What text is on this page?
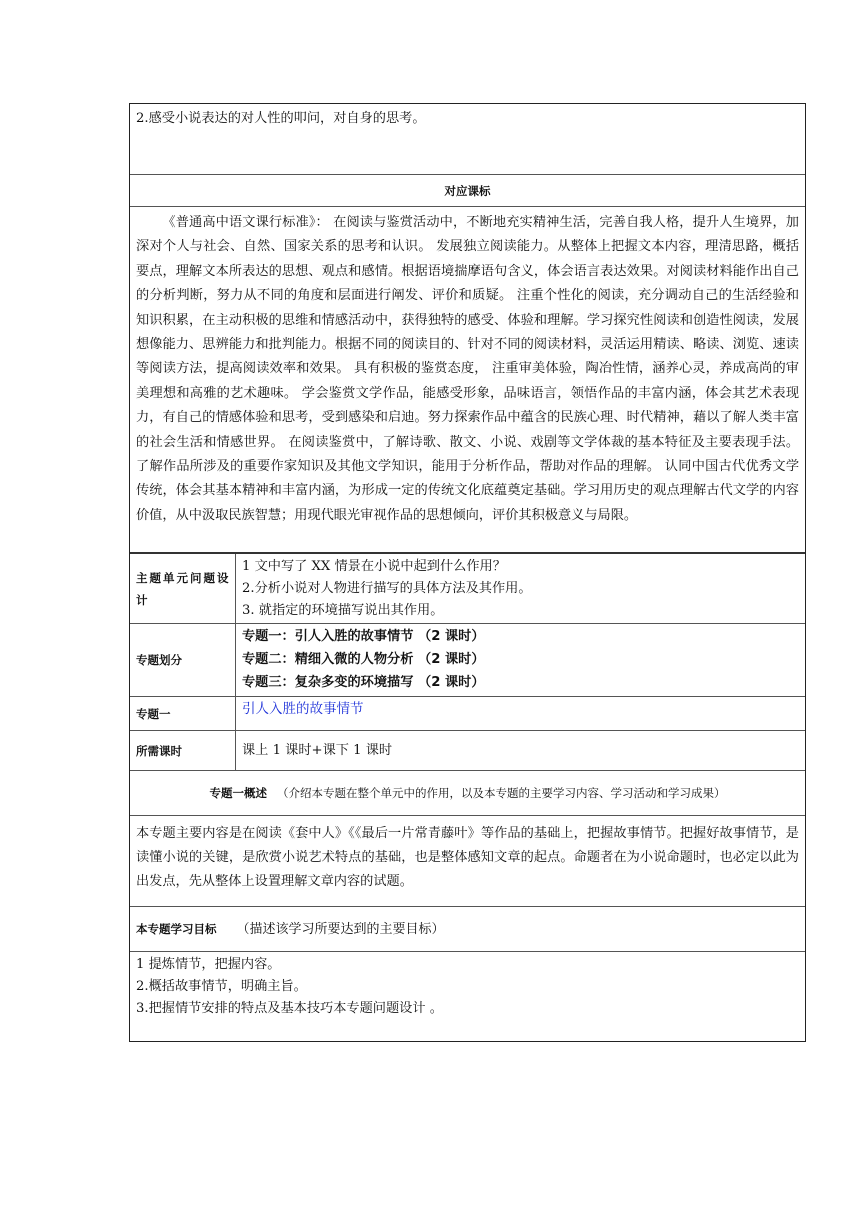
2.感受小说表达的对人性的叩问，对自身的思考。
对应课标

《普通高中语文课行标准》： 在阅读与鉴赏活动中，不断地充实精神生活，完善自我人格，提升人生境界，加深对个人与社会、自然、国家关系的思考和认识。 发展独立阅读能力。从整体上把握文本内容，理清思路，概括要点，理解文本所表达的思想、观点和感情。根据语境揣摩语句含义，体会语言表达效果。对阅读材料能作出自己的分析判断，努力从不同的角度和层面进行阐发、评价和质疑。 注重个性化的阅读，充分调动自己的生活经验和知识积累，在主动积极的思维和情感活动中，获得独特的感受、体验和理解。学习探究性阅读和创造性阅读，发展想像能力、思辨能力和批判能力。根据不同的阅读目的、针对不同的阅读材料，灵活运用精读、略读、浏览、速读等阅读方法，提高阅读效率和效果。 具有积极的鉴赏态度， 注重审美体验，陶冶性情，涵养心灵，养成高尚的审美理想和高雅的艺术趣味。 学会鉴赏文学作品，能感受形象，品味语言，领悟作品的丰富内涵，体会其艺术表现力，有自己的情感体验和思考，受到感染和启迪。努力探索作品中蕴含的民族心理、时代精神，藉以了解人类丰富的社会生活和情感世界。 在阅读鉴赏中，了解诗歌、散文、小说、戏剧等文学体裁的基本特征及主要表现手法。了解作品所涉及的重要作家知识及其他文学知识，能用于分析作品，帮助对作品的理解。 认同中国古代优秀文学传统，体会其基本精神和丰富内涵，为形成一定的传统文化底蕴奠定基础。学习用历史的观点理解古代文学的内容价值，从中汲取民族智慧；用现代眼光审视作品的思想倾向，评价其积极意义与局限。

主题单元问题设计
1 文中写了 XX 情景在小说中起到什么作用？
2.分析小说对人物进行描写的具体方法及其作用。
3. 就指定的环境描写说出其作用。
专题划分
专题一：引人入胜的故事情节 （2 课时）
专题二：精细入微的人物分析 （2 课时）
专题三：复杂多变的环境描写 （2 课时）
专题一	引人入胜的故事情节
所需课时	课上 1 课时+课下 1 课时
专题一概述 （介绍本专题在整个单元中的作用，以及本专题的主要学习内容、学习活动和学习成果）
本专题主要内容是在阅读《套中人》《《最后一片常青藤叶》等作品的基础上，把握故事情节。把握好故事情节，是读懂小说的关键，是欣赏小说艺术特点的基础，也是整体感知文章的起点。命题者在为小说命题时，也必定以此为出发点，先从整体上设置理解文章内容的试题。
本专题学习目标 （描述该学习所要达到的主要目标）
1 提炼情节，把握内容。
2.概括故事情节，明确主旨。
3.把握情节安排的特点及基本技巧本专题问题设计 。
